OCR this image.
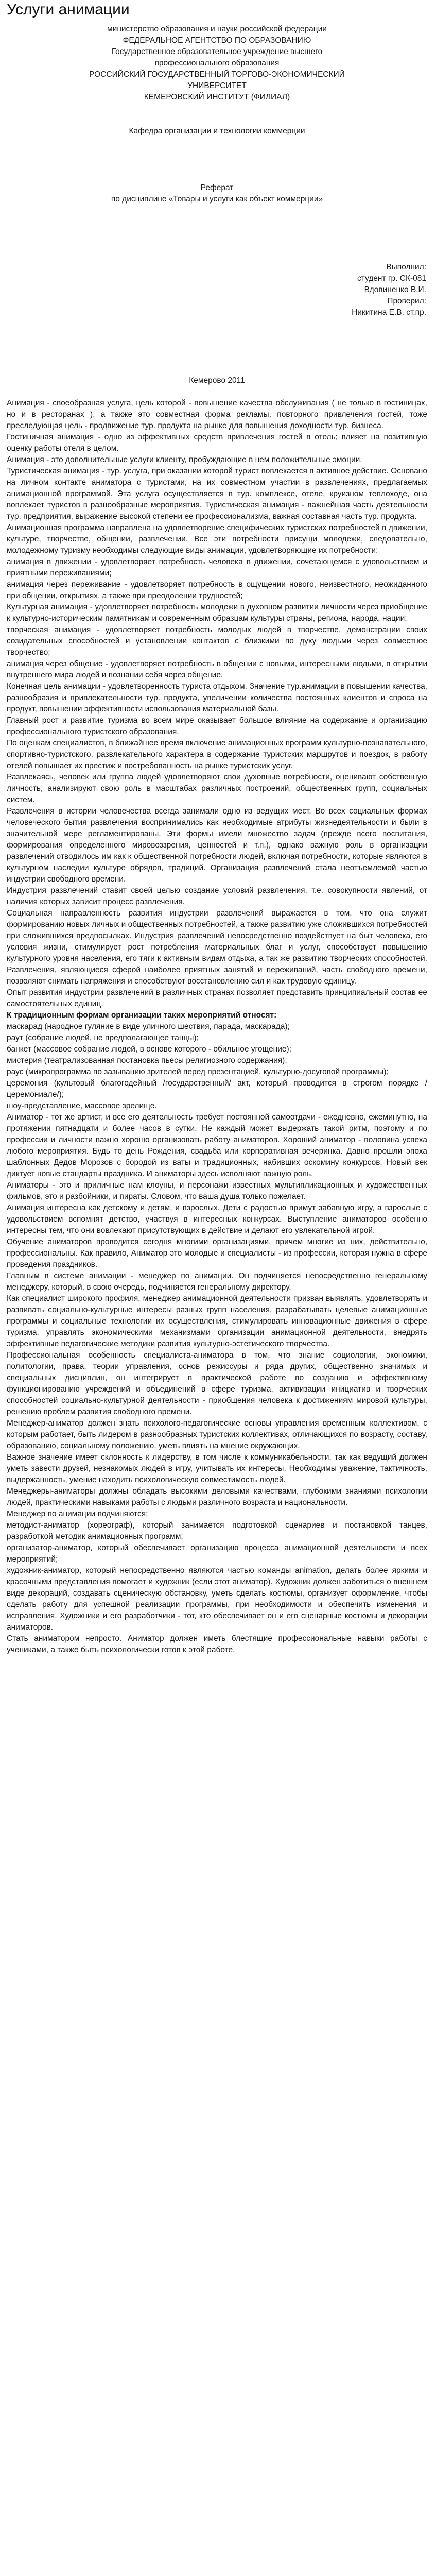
Услуги анимации

министерство образования и науки российской федерации

ФЕДЕРАЛЬНОЕ АГЕНТСТВО ПО ОБРАЗОВАНИЮ

Государственное образовательное учреждение высшего

профессионального образования

РОССИЙСКИЙ ГОСУДАРСТВЕННЫЙ ТОРГОВО-ЭКОНОМИЧЕСКИЙ

УНИВЕРСИТЕТ

КЕМЕРОВСКИЙ ИНСТИТУТ (ФИЛИАЛ)

Кафедра организации и технологии коммерции

Реферат

по дисциплине «Товары и услуги как объект коммерции»

Выполнил:

студент гр. СК-081

Вдовиненко В.И.

Проверил:

Никитина Е.В. ст.пр.

Кемерово 2011

Анимация - своеобразная услуга, цель которой - повышение качества обслуживания ( не только в гостиницах, но и в ресторанах ), а также это совместная форма рекламы, повторного привлечения гостей, тоже преследующая цель - продвижение тур. продукта на рынке для повышения доходности тур. бизнеса.

Гостиничная анимация - одно из эффективных средств привлечения гостей в отель; влияет на позитивную оценку работы отеля в целом.

Анимация - это дополнительные услуги клиенту, пробуждающие в нем положительные эмоции.

Туристическая анимация - тур. услуга, при оказании которой турист вовлекается в активное действие. Основано на личном контакте аниматора с туристами, на их совместном участии в развлечениях, предлагаемых анимационной программой. Эта услуга осуществляется в тур. комплексе, отеле, круизном теплоходе, она вовлекает туристов в разнообразные мероприятия. Туристическая анимация - важнейшая часть деятельности тур. предприятия, выражение высокой степени ее профессионализма, важная составная часть тур. продукта.

Анимационная программа направлена на удовлетворение специфических туристских потребностей в движении, культуре, творчестве, общении, развлечении. Все эти потребности присущи молодежи, следовательно, молодежному туризму необходимы следующие виды анимации, удовлетворяющие их потребности:

анимация в движении - удовлетворяет потребность человека в движении, сочетающемся с удовольствием и приятными переживаниями;

анимация через переживание - удовлетворяет потребность в ощущении нового, неизвестного, неожиданного при общении, открытиях, а также при преодолении трудностей;

Культурная анимация - удовлетворяет потребность молодежи в духовном развитии личности через приобщение к культурно-историческим памятникам и современным образцам культуры страны, региона, народа, нации;

творческая анимация - удовлетворяет потребность молодых людей в творчестве, демонстрации своих созидательных способностей и установлении контактов с близкими по духу людьми через совместное творчество;

анимация через общение - удовлетворяет потребность в общении с новыми, интересными людьми, в открытии внутреннего мира людей и познании себя через общение.

Конечная цель анимации - удовлетворенность туриста отдыхом. Значение тур.анимации в повышении качества, разнообразия и привлекательности тур. продукта, увеличении количества постоянных клиентов и спроса на продукт, повышении эффективности использования материальной базы.

Главный рост и развитие туризма во всем мире оказывает большое влияние на содержание и организацию профессионального туристского образования.

По оценкам специалистов, в ближайшее время включение анимационных программ культурно-познавательного, спортивно-туристского, развлекательного характера в содержание туристских маршрутов и поездок, в работу отелей повышает их престиж и востребованность на рынке туристских услуг.

Развлекаясь, человек или группа людей удовлетворяют свои духовные потребности, оценивают собственную личность, анализируют свою роль в масштабах различных построений, общественных групп, социальных систем.

Развлечения в истории человечества всегда занимали одно из ведущих мест. Во всех социальных формах человеческого бытия развлечения воспринимались как необходимые атрибуты жизнедеятельности и были в значительной мере регламентированы. Эти формы имели множество задач (прежде всего воспитания, формирования определенного мировоззрения, ценностей и т.п.), однако важную роль в организации развлечений отводилось им как к общественной потребности людей, включая потребности, которые являются в культурном наследии культуре обрядов, традиций. Организация развлечений стала неотъемлемой частью индустрии свободного времени.

Индустрия развлечений ставит своей целью создание условий развлечения, т.е. совокупности явлений, от наличия которых зависит процесс развлечения.

Социальная направленность развития индустрии развлечений выражается в том, что она служит формированию новых личных и общественных потребностей, а также развитию уже сложившихся потребностей при сложившихся предпосылках. Индустрия развлечений непосредственно воздействует на быт человека, его условия жизни, стимулирует рост потребления материальных благ и услуг, способствует повышению культурного уровня населения, его тяги к активным видам отдыха, а так же развитию творческих способностей. Развлечения, являющиеся сферой наиболее приятных занятий и переживаний, часть свободного времени, позволяют снимать напряжения и способствуют восстановлению сил и как трудовую единицу.

Опыт развития индустрии развлечений в различных странах позволяет представить принципиальный состав ее самостоятельных единиц.

К традиционным формам организации таких мероприятий относят:

маскарад (народное гуляние в виде уличного шествия, парада, маскарада);

раут (собрание людей, не предполагающее танцы);

банкет (массовое собрание людей, в основе которого - обильное угощение);

мистерия (театрализованная постановка пьесы религиозного содержания);

раус (микропрограмма по зазыванию зрителей перед презентацией, культурно-досуговой программы);

церемония (культовый благогодейный /государственный/ акт, который проводится в строгом порядке /церемониале/);

шоу-представление, массовое зрелище.

Аниматор - тот же артист, и все его деятельность требует постоянной самоотдачи - ежедневно, ежеминутно, на протяжении пятнадцати и более часов в сутки. Не каждый может выдержать такой ритм, поэтому и по профессии и личности важно хорошо организовать работу аниматоров. Хороший аниматор - половина успеха любого мероприятия. Будь то день Рождения, свадьба или корпоративная вечеринка. Давно прошли эпоха шаблонных Дедов Морозов с бородой из ваты и традиционных, набивших оскомину конкурсов. Новый век диктует новые стандарты праздника. И аниматоры здесь исполняют важную роль.

Аниматоры - это и приличные нам клоуны, и персонажи известных мультипликационных и художественных фильмов, это и разбойники, и пираты. Словом, что ваша душа только пожелает.

Анимация интересна как детскому и детям, и взрослых. Дети с радостью примут забавную игру, а взрослые с удовольствием вспомнят детство, участвуя в интересных конкурсах. Выступление аниматоров особенно интересны тем, что они вовлекают присутствующих в действие и делают его увлекательной игрой.

Обучение аниматоров проводится сегодня многими организациями, причем многие из них, действительно, профессиональны. Как правило, Аниматор это молодые и специалисты - из профессии, которая нужна в сфере проведения праздников.

Главным в системе анимации - менеджер по анимации. Он подчиняется непосредственно генеральному менеджеру, который, в свою очередь, подчиняется генеральному директору.

Как специалист широкого профиля, менеджер анимационной деятельности призван выявлять, удовлетворять и развивать социально-культурные интересы разных групп населения, разрабатывать целевые анимационные программы и социальные технологии их осуществления, стимулировать инновационные движения в сфере туризма, управлять экономическими механизмами организации анимационной деятельности, внедрять эффективные педагогические методики развития культурно-эстетического творчества.

Профессиональная особенность специалиста-аниматора в том, что знание социологии, экономики, политологии, права, теории управления, основ режиссуры и ряда других, общественно значимых и специальных дисциплин, он интегрирует в практической работе по созданию и эффективному функционированию учреждений и объединений в сфере туризма, активизации инициатив и творческих способностей социально-культурной деятельности - приобщения человека к достижениям мировой культуры, решению проблем развития свободного времени.

Менеджер-аниматор должен знать психолого-педагогические основы управления временным коллективом, с которым работает, быть лидером в разнообразных туристских коллективах, отличающихся по возрасту, составу, образованию, социальному положению, уметь влиять на мнение окружающих.

Важное значение имеет склонность к лидерству, в том числе к коммуникабельности, так как ведущий должен уметь завести друзей, незнакомых людей в игру, учитывать их интересы. Необходимы уважение, тактичность, выдержанность, умение находить психологическую совместимость людей.

Менеджеры-аниматоры должны обладать высокими деловыми качествами, глубокими знаниями психологии людей, практическими навыками работы с людьми различного возраста и национальности.

Менеджер по анимации подчиняются:

методист-аниматор (хореограф), который занимается подготовкой сценариев и постановкой танцев, разработкой методик анимационных программ;

организатор-аниматор, который обеспечивает организацию процесса анимационной деятельности и всех мероприятий;

художник-аниматор, который непосредственно являются частью команды animation, делать более яркими и красочными представления помогает и художник (если этот аниматор). Художник должен заботиться о внешнем виде декораций, создавать сценическую обстановку, уметь сделать костюмы, организует оформление, чтобы сделать работу для успешной реализации программы, при необходимости и обеспечить изменения и исправления. Художники и его разработчики - тот, кто обеспечивает он и его сценарные костюмы и декорации аниматоров.

Стать аниматором непросто. Аниматор должен иметь блестящие профессиональные навыки работы с учениками, а также быть психологически готов к этой работе.
